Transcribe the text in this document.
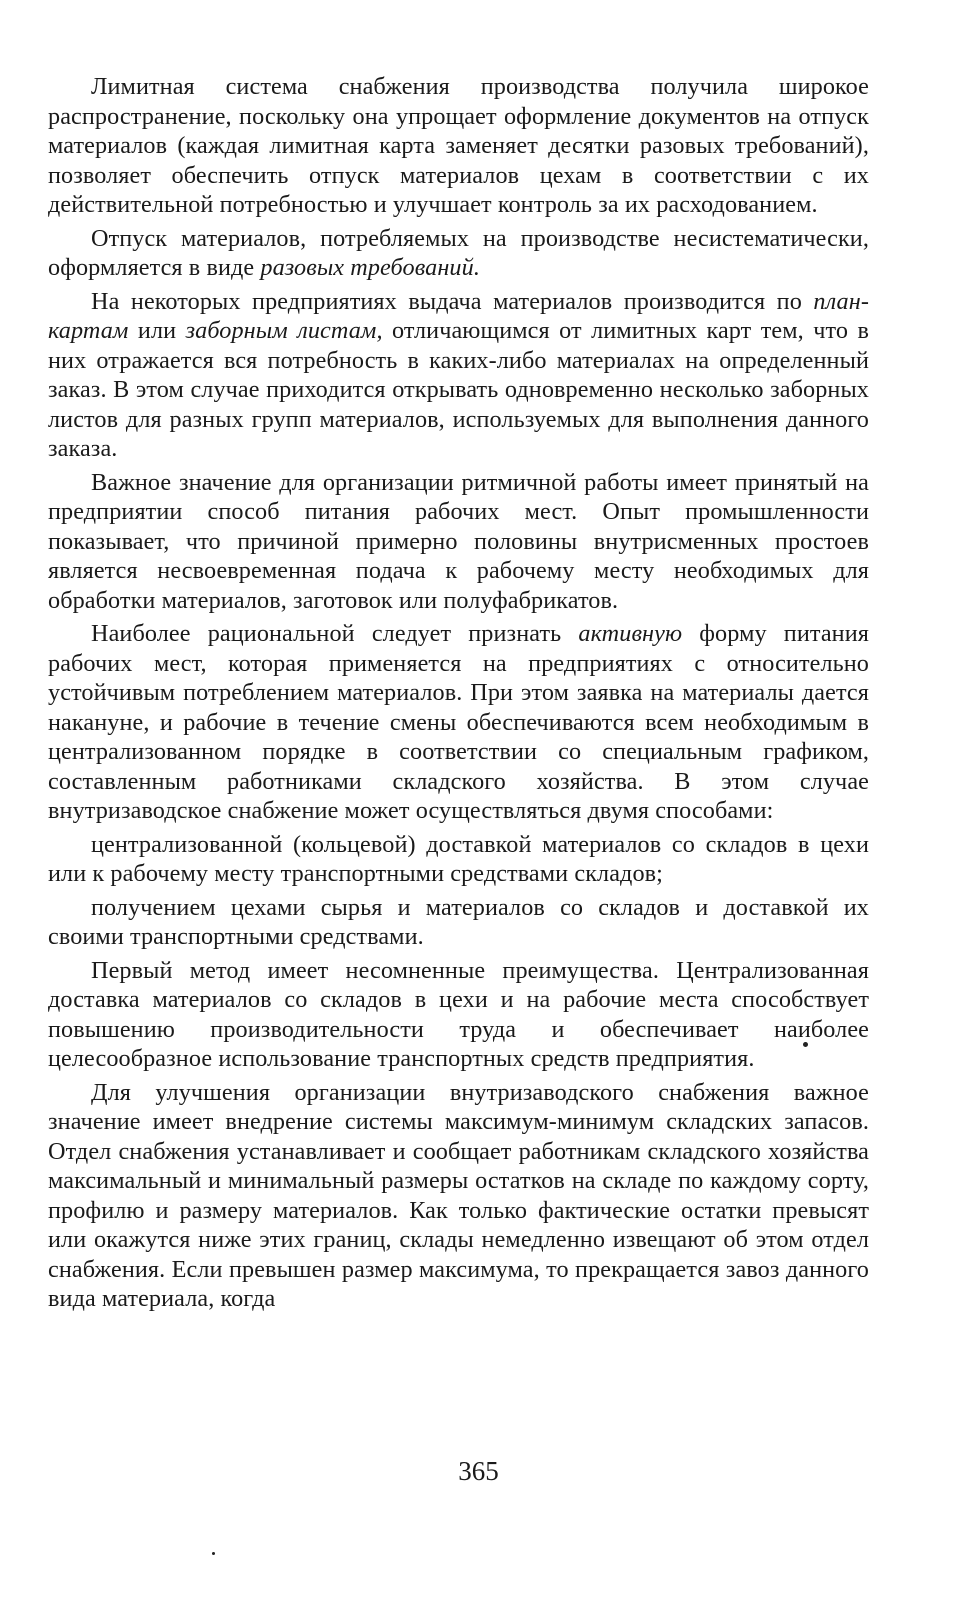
Лимитная система снабжения производства получила широкое распространение, поскольку она упрощает оформление документов на отпуск материалов (каждая лимитная карта заменяет десятки разовых требований), позволяет обеспечить отпуск материалов цехам в соответствии с их действительной потребностью и улучшает контроль за их расходованием.

Отпуск материалов, потребляемых на производстве несистематически, оформляется в виде разовых требований.

На некоторых предприятиях выдача материалов производится по план-картам или заборным листам, отличающимся от лимитных карт тем, что в них отражается вся потребность в каких-либо материалах на определенный заказ. В этом случае приходится открывать одновременно несколько заборных листов для разных групп материалов, используемых для выполнения данного заказа.

Важное значение для организации ритмичной работы имеет принятый на предприятии способ питания рабочих мест. Опыт промышленности показывает, что причиной примерно половины внутрисменных простоев является несвоевременная подача к рабочему месту необходимых для обработки материалов, заготовок или полуфабрикатов.

Наиболее рациональной следует признать активную форму питания рабочих мест, которая применяется на предприятиях с относительно устойчивым потреблением материалов. При этом заявка на материалы дается накануне, и рабочие в течение смены обеспечиваются всем необходимым в централизованном порядке в соответствии со специальным графиком, составленным работниками складского хозяйства. В этом случае внутризаводское снабжение может осуществляться двумя способами:

централизованной (кольцевой) доставкой материалов со складов в цехи или к рабочему месту транспортными средствами складов;

получением цехами сырья и материалов со складов и доставкой их своими транспортными средствами.

Первый метод имеет несомненные преимущества. Централизованная доставка материалов со складов в цехи и на рабочие места способствует повышению производительности труда и обеспечивает наиболее целесообразное использование транспортных средств предприятия.

Для улучшения организации внутризаводского снабжения важное значение имеет внедрение системы максимум-минимум складских запасов. Отдел снабжения устанавливает и сообщает работникам складского хозяйства максимальный и минимальный размеры остатков на складе по каждому сорту, профилю и размеру материалов. Как только фактические остатки превысят или окажутся ниже этих границ, склады немедленно извещают об этом отдел снабжения. Если превышен размер максимума, то прекращается завоз данного вида материала, когда

365
